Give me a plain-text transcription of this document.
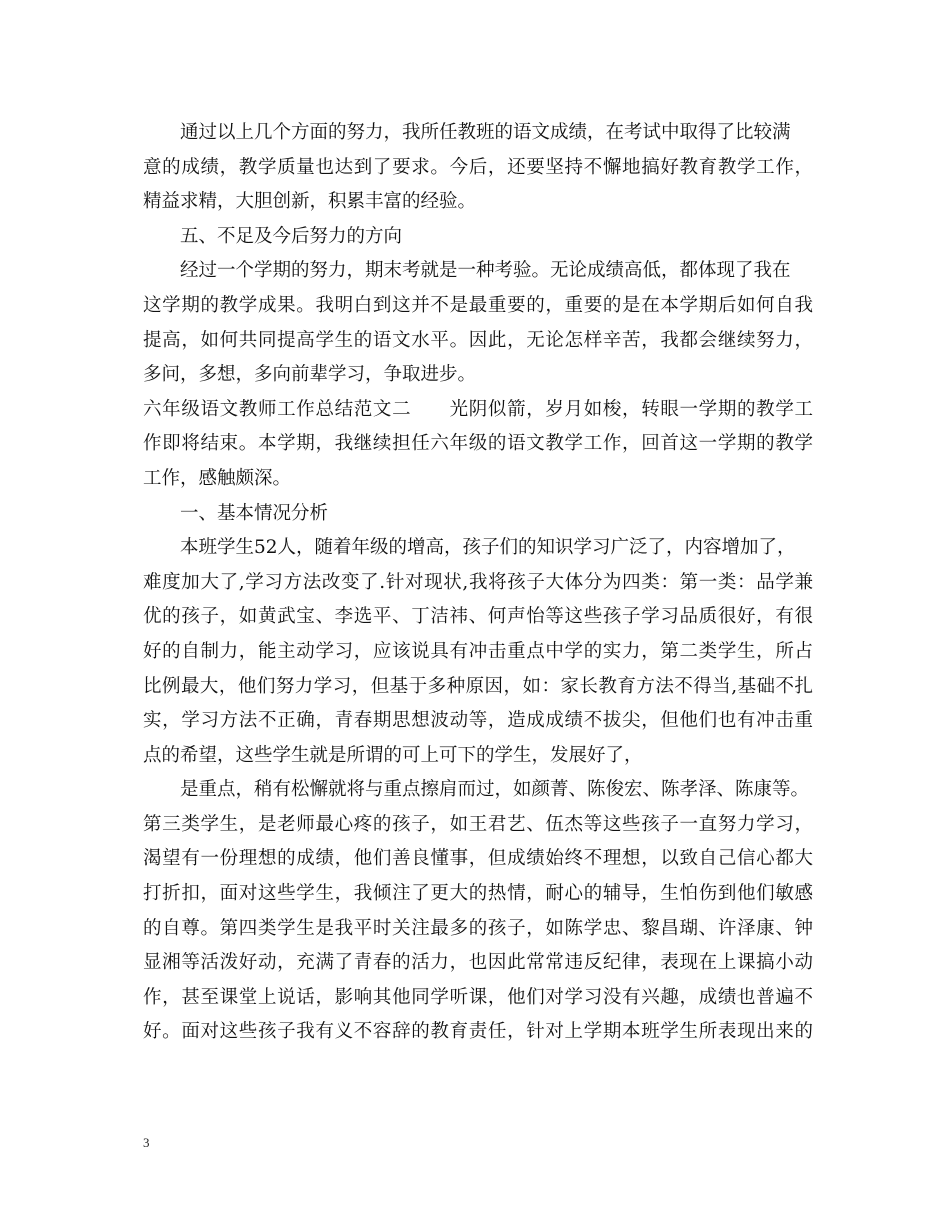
通过以上几个方面的努力，我所任教班的语文成绩，在考试中取得了比较满
意的成绩，教学质量也达到了要求。今后，还要坚持不懈地搞好教育教学工作，
精益求精，大胆创新，积累丰富的经验。
五、不足及今后努力的方向
经过一个学期的努力，期末考就是一种考验。无论成绩高低，都体现了我在
这学期的教学成果。我明白到这并不是最重要的，重要的是在本学期后如何自我
提高，如何共同提高学生的语文水平。因此，无论怎样辛苦，我都会继续努力，
多问，多想，多向前辈学习，争取进步。
六年级语文教师工作总结范文二　　光阴似箭，岁月如梭，转眼一学期的教学工
作即将结束。本学期，我继续担任六年级的语文教学工作，回首这一学期的教学
工作，感触颇深。
一、基本情况分析
本班学生52人，随着年级的增高，孩子们的知识学习广泛了，内容增加了，
难度加大了,学习方法改变了.针对现状,我将孩子大体分为四类：第一类：品学兼
优的孩子，如黄武宝、李选平、丁洁祎、何声怡等这些孩子学习品质很好，有很
好的自制力，能主动学习，应该说具有冲击重点中学的实力，第二类学生，所占
比例最大，他们努力学习，但基于多种原因，如：家长教育方法不得当,基础不扎
实，学习方法不正确，青春期思想波动等，造成成绩不拔尖，但他们也有冲击重
点的希望，这些学生就是所谓的可上可下的学生，发展好了，
是重点，稍有松懈就将与重点擦肩而过，如颜菁、陈俊宏、陈孝泽、陈康等。
第三类学生，是老师最心疼的孩子，如王君艺、伍杰等这些孩子一直努力学习，
渴望有一份理想的成绩，他们善良懂事，但成绩始终不理想，以致自己信心都大
打折扣，面对这些学生，我倾注了更大的热情，耐心的辅导，生怕伤到他们敏感
的自尊。第四类学生是我平时关注最多的孩子，如陈学忠、黎昌瑚、许泽康、钟
显湘等活泼好动，充满了青春的活力，也因此常常违反纪律，表现在上课搞小动
作，甚至课堂上说话，影响其他同学听课，他们对学习没有兴趣，成绩也普遍不
好。面对这些孩子我有义不容辞的教育责任，针对上学期本班学生所表现出来的
3
